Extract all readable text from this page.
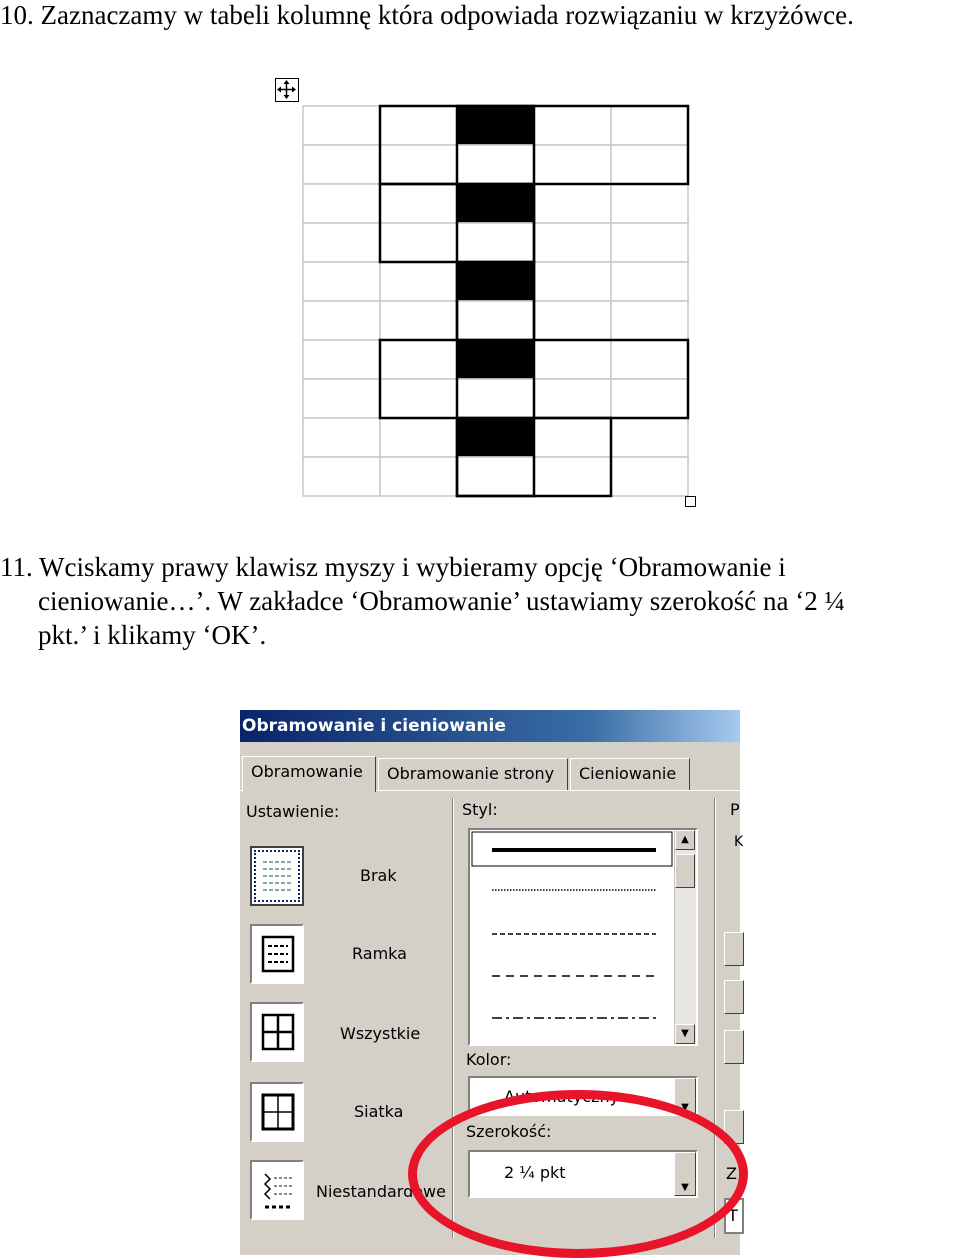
10. Zaznaczamy w tabeli kolumnę która odpowiada rozwiązaniu w krzyżówce.
11. Wciskamy prawy klawisz myszy i wybieramy opcję ‘Obramowanie i
cieniowanie…’. W zakładce ‘Obramowanie’ ustawiamy szerokość na ‘2 ¼
pkt.’ i klikamy ‘OK’.
Obramowanie i cieniowanie
Obramowanie	Obramowanie strony	Cieniowanie
Ustawienie:
Brak
Ramka
Wszystkie
Siatka
Niestandardowe
Styl:
▲
▼
Kolor:
Automatyczny
▼
Szerokość:
2 ¼ pkt
▼
P
K
Z
T
